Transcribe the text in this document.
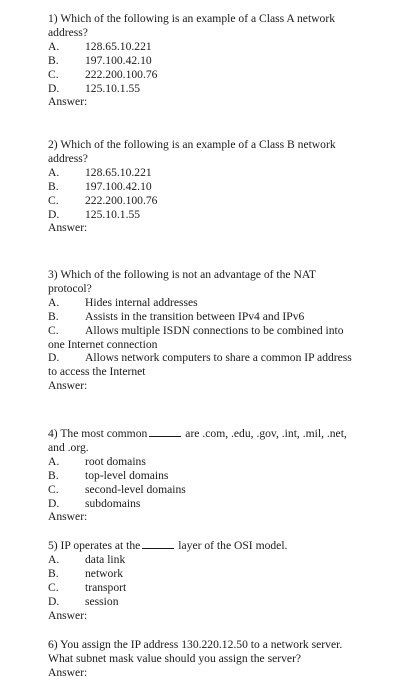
1) Which of the following is an example of a Class A network

address?

A.	128.65.10.221
B.	197.100.42.10
C.	222.200.100.76
D.	125.10.1.55

Answer:

2) Which of the following is an example of a Class B network

address?

A.	128.65.10.221
B.	197.100.42.10
C.	222.200.100.76
D.	125.10.1.55

Answer:

3) Which of the following is not an advantage of the NAT

protocol?

A.	Hides internal addresses
B.	Assists in the transition between IPv4 and IPv6
C.	Allows multiple ISDN connections to be combined into

one Internet connection

D.	Allows network computers to share a common IP address

to access the Internet

Answer:

4) The most common	are .com, .edu, .gov, .int, .mil, .net,

and .org.

A.	root domains
B.	top-level domains
C.	second-level domains
D.	subdomains

Answer:

5) IP operates at the	layer of the OSI model.

A.	data link
B.	network
C.	transport
D.	session

Answer:

6) You assign the IP address 130.220.12.50 to a network server.

What subnet mask value should you assign the server?

Answer:
